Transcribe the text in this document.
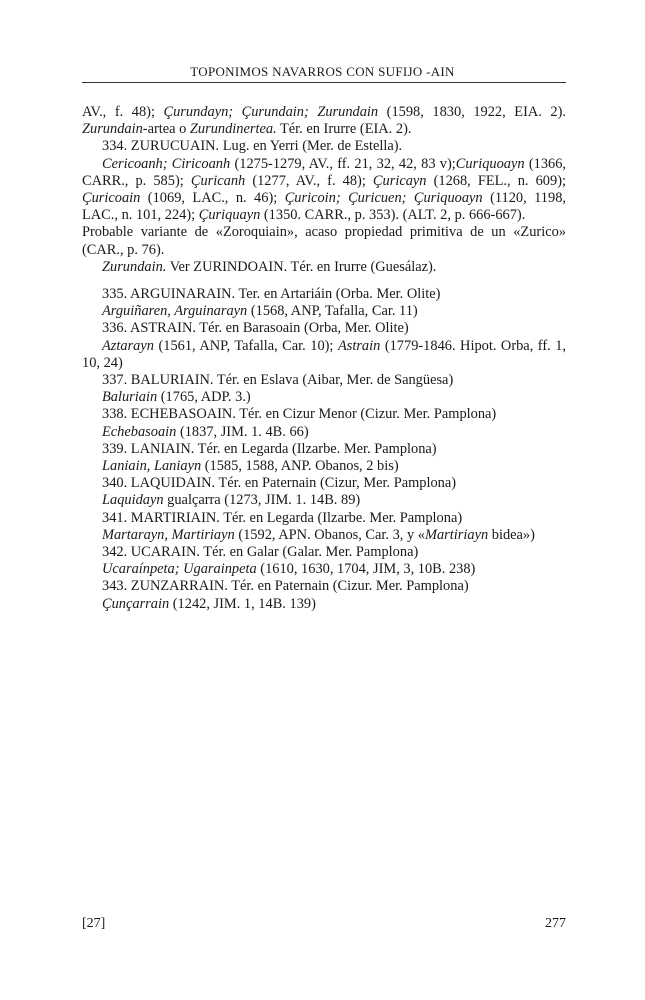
TOPONIMOS NAVARROS CON SUFIJO -AIN

AV., f. 48); Çurundayn; Çurundain; Zurundain (1598, 1830, 1922, EIA. 2). Zurundain-artea o Zurundinertea. Tér. en Irurre (EIA. 2).

334. ZURUCUAIN. Lug. en Yerri (Mer. de Estella).

Cericoanh; Ciricoanh (1275-1279, AV., ff. 21, 32, 42, 83 v);Curiquoayn (1366, CARR., p. 585); Çuricanh (1277, AV., f. 48); Çuricayn (1268, FEL., n. 609); Çuricoain (1069, LAC., n. 46); Çuricoin; Çuricuen; Çuriquoayn (1120, 1198, LAC., n. 101, 224); Çuriquayn (1350. CARR., p. 353). (ALT. 2, p. 666-667).

Probable variante de «Zoroquiain», acaso propiedad primitiva de un «Zurico» (CAR., p. 76).

Zurundain. Ver ZURINDOAIN. Tér. en Irurre (Guesálaz).

335. ARGUINARAIN. Ter. en Artariáin (Orba. Mer. Olite)

Arguiñaren, Arguinarayn (1568, ANP, Tafalla, Car. 11)

336. ASTRAIN. Tér. en Barasoain (Orba, Mer. Olite)

Aztarayn (1561, ANP, Tafalla, Car. 10); Astrain (1779-1846. Hipot. Orba, ff. 1, 10, 24)

337. BALURIAIN. Tér. en Eslava (Aibar, Mer. de Sangüesa)

Baluriain (1765, ADP. 3.)

338. ECHEBASOAIN. Tér. en Cizur Menor (Cizur. Mer. Pamplona)

Echebasoain (1837, JIM. 1. 4B. 66)

339. LANIAIN. Tér. en Legarda (Ilzarbe. Mer. Pamplona)

Laniain, Laniayn (1585, 1588, ANP. Obanos, 2 bis)

340. LAQUIDAIN. Tér. en Paternain (Cizur, Mer. Pamplona)

Laquidayn gualçarra (1273, JIM. 1. 14B. 89)

341. MARTIRIAIN. Tér. en Legarda (Ilzarbe. Mer. Pamplona)

Martarayn, Martiriayn (1592, APN. Obanos, Car. 3, y «Martiriayn bidea»)

342. UCARAIN. Tér. en Galar (Galar. Mer. Pamplona)

Ucaraínpeta; Ugarainpeta (1610, 1630, 1704, JIM, 3, 10B. 238)

343. ZUNZARRAIN. Tér. en Paternain (Cizur. Mer. Pamplona)

Çunçarrain (1242, JIM. 1, 14B. 139)

[27]	277
